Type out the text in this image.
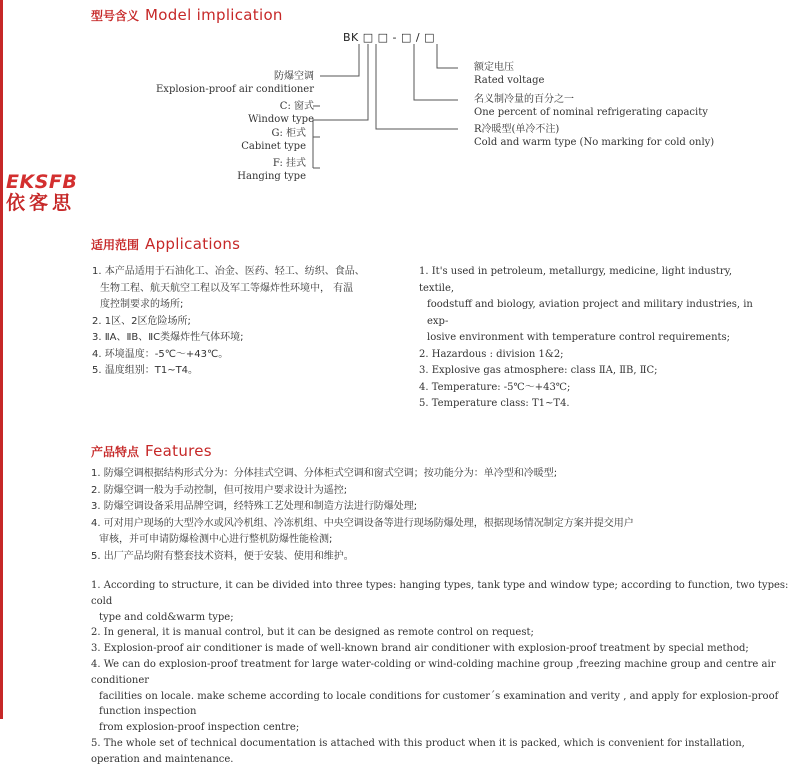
型号含义 Model implication
BK □ □ - □ / □
防爆空调
Explosion-proof air conditioner
C: 窗式
Window type
G: 柜式
Cabinet type
F: 挂式
Hanging type
额定电压
Rated voltage
名义制冷量的百分之一
One percent of nominal refrigerating capacity
R冷暖型(单冷不注)
Cold and warm type (No marking for cold only)
EKSFB
依客思
适用范围 Applications
1. 本产品适用于石油化工、冶金、医药、轻工、纺织、食品、
生物工程、航天航空工程以及军工等爆炸性环境中， 有温
度控制要求的场所;
2. 1区、2区危险场所;
3. ⅡA、ⅡB、ⅡC类爆炸性气体环境;
4. 环境温度：-5℃～+43℃。
5. 温度组别：T1~T4。
1. It's used in petroleum, metallurgy, medicine, light industry, textile,
foodstuff and biology, aviation project and military industries, in exp-
losive environment with temperature control requirements;
2. Hazardous : division 1&2;
3. Explosive gas atmosphere: class ⅡA, ⅡB, ⅡC;
4. Temperature: -5℃～+43℃;
5. Temperature class: T1~T4.
产品特点 Features
1. 防爆空调根据结构形式分为：分体挂式空调、分体柜式空调和窗式空调；按功能分为：单冷型和冷暖型;
2. 防爆空调一般为手动控制，但可按用户要求设计为遥控;
3. 防爆空调设备采用品牌空调，经特殊工艺处理和制造方法进行防爆处理;
4. 可对用户现场的大型冷水或风冷机组、冷冻机组、中央空调设备等进行现场防爆处理，根据现场情况制定方案并提交用户
审核，并可申请防爆检测中心进行整机防爆性能检测;
5. 出厂产品均附有整套技术资料，便于安装、使用和维护。
1. According to structure, it can be divided into three types: hanging types, tank type and window type; according to function, two types: cold
type and cold&warm type;
2. In general, it is manual control, but it can be designed as remote control on request;
3. Explosion-proof air conditioner is made of well-known brand air conditioner with explosion-proof treatment by special method;
4. We can do explosion-proof treatment for large water-colding or wind-colding machine group ,freezing machine group and centre air conditioner
facilities on locale. make scheme according to locale conditions for customer΄s examination and verity , and apply for explosion-proof function inspection
from explosion-proof inspection centre;
5. The whole set of technical documentation is attached with this product when it is packed, which is convenient for installation, operation and maintenance.
